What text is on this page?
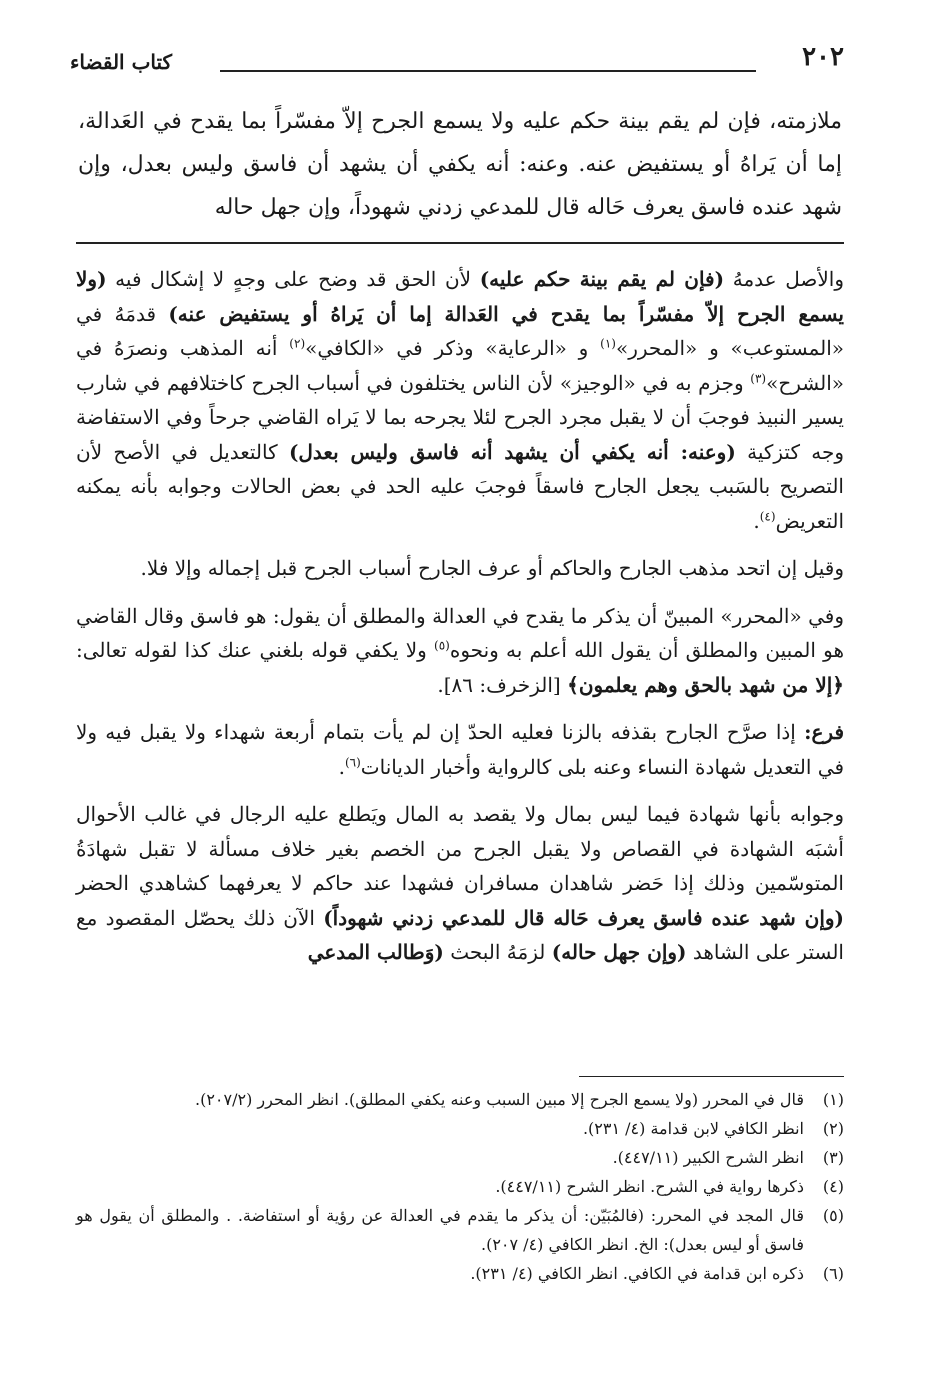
٢٠٢
كتاب القضاء
ملازمته، فإن لم يقم بينة حكم عليه ولا يسمع الجرح إلاّ مفسّراً بما يقدح في العَدالة، إما أن يَراهُ أو يستفيض عنه. وعنه: أنه يكفي أن يشهد أن فاسق وليس بعدل، وإن شهد عنده فاسق يعرف حَاله قال للمدعي زدني شهوداً، وإن جهل حاله

والأصل عدمهُ (فإن لم يقم بينة حكم عليه) لأن الحق قد وضح على وجهٍ لا إشكال فيه (ولا يسمع الجرح إلاّ مفسّراً بما يقدح في العَدالة إما أن يَراهُ أو يستفيض عنه) قدمَهُ في «المستوعب» و «المحرر»$^{(١)}$ و «الرعاية» وذكر في «الكافي»$^{(٢)}$ أنه المذهب ونصرَهُ في «الشرح»$^{(٣)}$ وجزم به في «الوجيز» لأن الناس يختلفون في أسباب الجرح كاختلافهم في شارب يسير النبيذ فوجبَ أن لا يقبل مجرد الجرح لئلا يجرحه بما لا يَراه القاضي جرحاً وفي الاستفاضة وجه كتزكية (وعنه: أنه يكفي أن يشهد أنه فاسق وليس بعدل) كالتعديل في الأصح لأن التصريح بالسَبب يجعل الجارح فاسقاً فوجبَ عليه الحد في بعض الحالات وجوابه بأنه يمكنه التعريض$^{(٤)}$.

وقيل إن اتحد مذهب الجارح والحاكم أو عرف الجارح أسباب الجرح قبل إجماله وإلا فلا.

وفي «المحرر» المبينّ أن يذكر ما يقدح في العدالة والمطلق أن يقول: هو فاسق وقال القاضي هو المبين والمطلق أن يقول الله أعلم به ونحوه$^{(٥)}$ ولا يكفي قوله بلغني عنك كذا لقوله تعالى: ﴿إلا من شهد بالحق وهم يعلمون﴾ [الزخرف: ٨٦].

فرع: إذا صرَّح الجارح بقذفه بالزنا فعليه الحدّ إن لم يأت بتمام أربعة شهداء ولا يقبل فيه ولا في التعديل شهادة النساء وعنه بلى كالرواية وأخبار الديانات$^{(٦)}$.

وجوابه بأنها شهادة فيما ليس بمال ولا يقصد به المال ويَطلع عليه الرجال في غالب الأحوال أشبَه الشهادة في القصاص ولا يقبل الجرح من الخصم بغير خلاف مسألة لا تقبل شهادَةُ المتوسّمين وذلك إذا حَضر شاهدان مسافران فشهدا عند حاكم لا يعرفهما كشاهدي الحضر (وإن شهد عنده فاسق يعرف حَاله قال للمدعي زدني شهوداً) الآن ذلك يحصّل المقصود مع الستر على الشاهد (وإن جهل حاله) لزمَهُ البحث (وَطالب المدعي

(١)
قال في المحرر (ولا يسمع الجرح إلا مبين السبب وعنه يكفي المطلق). انظر المحرر (٢٠٧/٢).
(٢)
انظر الكافي لابن قدامة (٤/ ٢٣١).
(٣)
انظر الشرح الكبير (٤٤٧/١١).
(٤)
ذكرها رواية في الشرح. انظر الشرح (٤٤٧/١١).
(٥)
قال المجد في المحرر: (فالمُبَيّن: أن يذكر ما يقدم في العدالة عن رؤية أو استفاضة. . والمطلق أن يقول هو فاسق أو ليس بعدل): الخ. انظر الكافي (٤/ ٢٠٧).
(٦)
ذكره ابن قدامة في الكافي. انظر الكافي (٤/ ٢٣١).
